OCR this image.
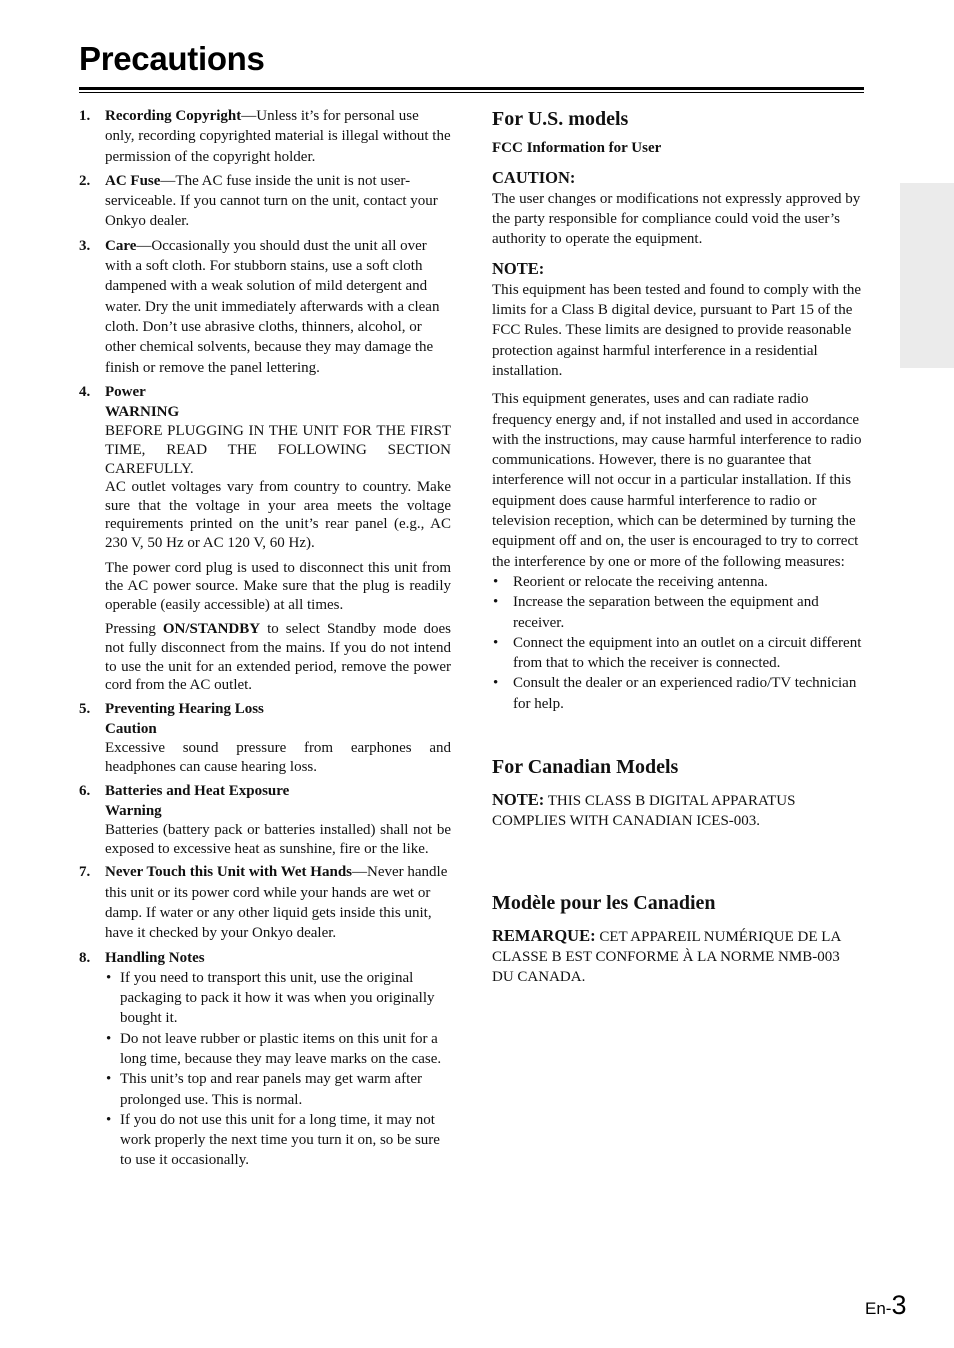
Precautions
1. Recording Copyright—Unless it’s for personal use only, recording copyrighted material is illegal without the permission of the copyright holder.
2. AC Fuse—The AC fuse inside the unit is not user-serviceable. If you cannot turn on the unit, contact your Onkyo dealer.
3. Care—Occasionally you should dust the unit all over with a soft cloth. For stubborn stains, use a soft cloth dampened with a weak solution of mild detergent and water. Dry the unit immediately afterwards with a clean cloth. Don’t use abrasive cloths, thinners, alcohol, or other chemical solvents, because they may damage the finish or remove the panel lettering.
4. Power
WARNING
BEFORE PLUGGING IN THE UNIT FOR THE FIRST TIME, READ THE FOLLOWING SECTION CAREFULLY.
AC outlet voltages vary from country to country. Make sure that the voltage in your area meets the voltage requirements printed on the unit’s rear panel (e.g., AC 230 V, 50 Hz or AC 120 V, 60 Hz).
The power cord plug is used to disconnect this unit from the AC power source. Make sure that the plug is readily operable (easily accessible) at all times.
Pressing ON/STANDBY to select Standby mode does not fully disconnect from the mains. If you do not intend to use the unit for an extended period, remove the power cord from the AC outlet.
5. Preventing Hearing Loss
Caution
Excessive sound pressure from earphones and headphones can cause hearing loss.
6. Batteries and Heat Exposure
Warning
Batteries (battery pack or batteries installed) shall not be exposed to excessive heat as sunshine, fire or the like.
7. Never Touch this Unit with Wet Hands—Never handle this unit or its power cord while your hands are wet or damp. If water or any other liquid gets inside this unit, have it checked by your Onkyo dealer.
8. Handling Notes
• If you need to transport this unit, use the original packaging to pack it how it was when you originally bought it.
• Do not leave rubber or plastic items on this unit for a long time, because they may leave marks on the case.
• This unit’s top and rear panels may get warm after prolonged use. This is normal.
• If you do not use this unit for a long time, it may not work properly the next time you turn it on, so be sure to use it occasionally.
For U.S. models
FCC Information for User
CAUTION:
The user changes or modifications not expressly approved by the party responsible for compliance could void the user’s authority to operate the equipment.
NOTE:
This equipment has been tested and found to comply with the limits for a Class B digital device, pursuant to Part 15 of the FCC Rules. These limits are designed to provide reasonable protection against harmful interference in a residential installation.
This equipment generates, uses and can radiate radio frequency energy and, if not installed and used in accordance with the instructions, may cause harmful interference to radio communications. However, there is no guarantee that interference will not occur in a particular installation. If this equipment does cause harmful interference to radio or television reception, which can be determined by turning the equipment off and on, the user is encouraged to try to correct the interference by one or more of the following measures:
• Reorient or relocate the receiving antenna.
• Increase the separation between the equipment and receiver.
• Connect the equipment into an outlet on a circuit different from that to which the receiver is connected.
• Consult the dealer or an experienced radio/TV technician for help.
For Canadian Models
NOTE: THIS CLASS B DIGITAL APPARATUS COMPLIES WITH CANADIAN ICES-003.
Modèle pour les Canadien
REMARQUE: CET APPAREIL NUMÉRIQUE DE LA CLASSE B EST CONFORME À LA NORME NMB-003 DU CANADA.
En-3
